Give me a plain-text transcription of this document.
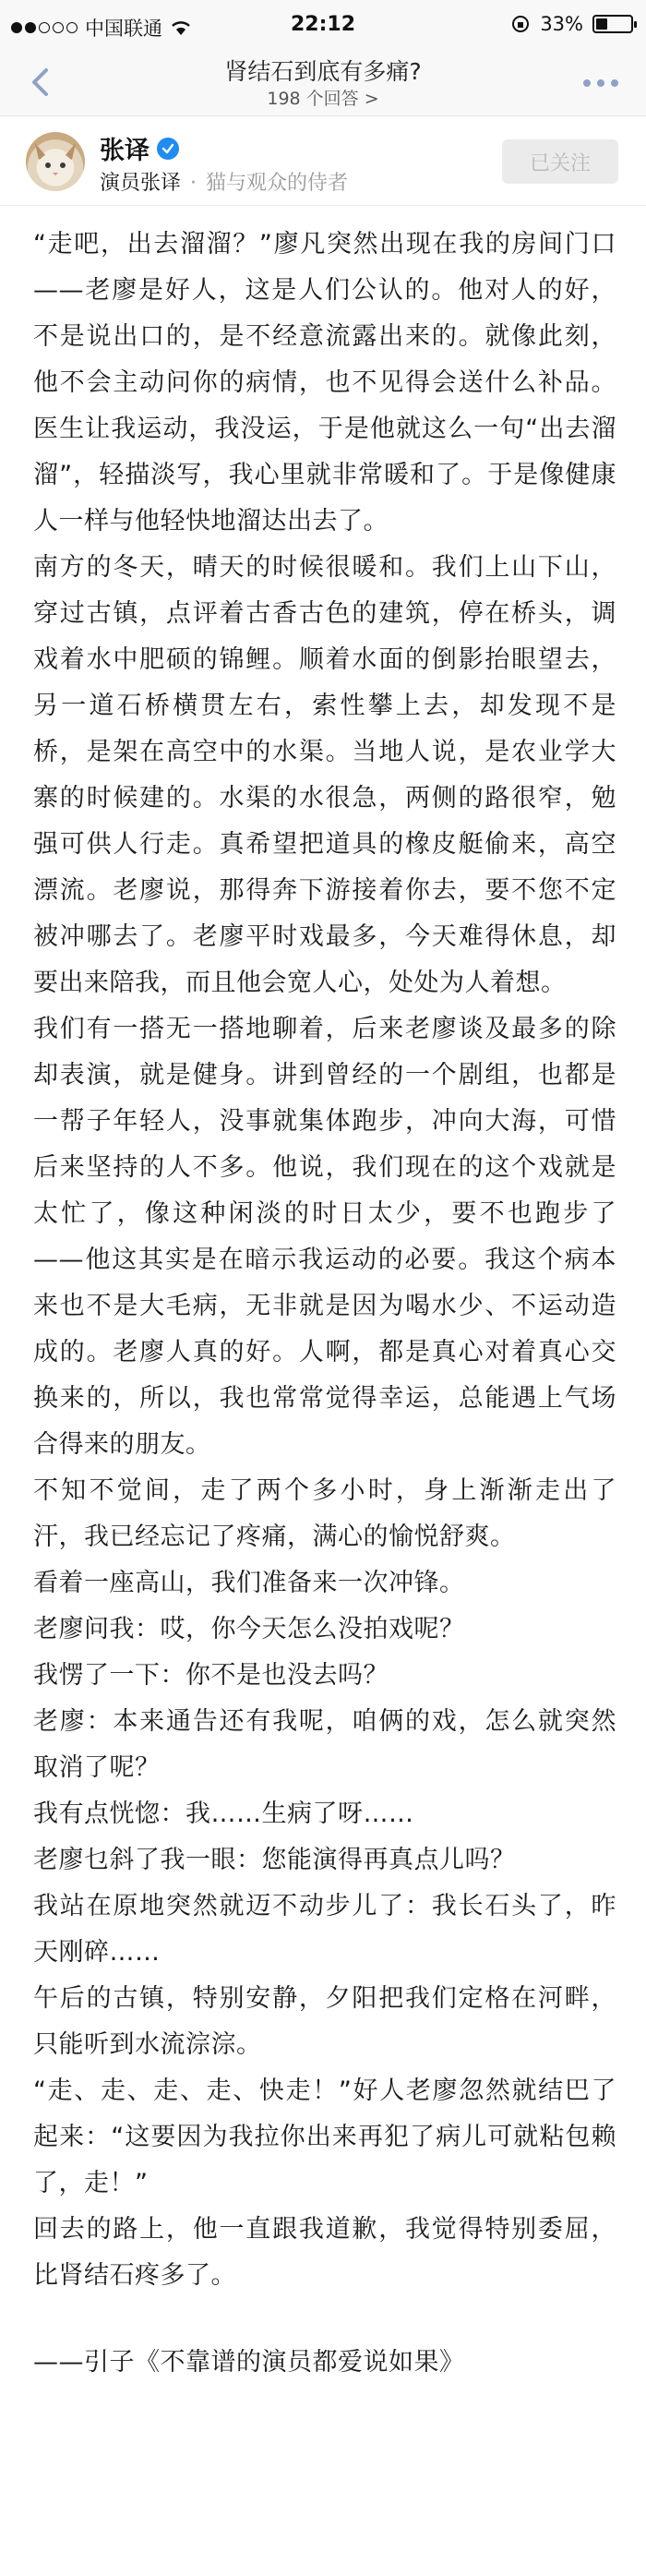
中国联通	22:12	33%
肾结石到底有多痛?
198 个回答 >
张译
演员张译 · 猫与观众的侍者
已关注

“走吧，出去溜溜？”廖凡突然出现在我的房间门口——老廖是好人，这是人们公认的。他对人的好，不是说出口的，是不经意流露出来的。就像此刻，他不会主动问你的病情，也不见得会送什么补品。医生让我运动，我没运，于是他就这么一句“出去溜溜”，轻描淡写，我心里就非常暖和了。于是像健康人一样与他轻快地溜达出去了。

南方的冬天，晴天的时候很暖和。我们上山下山，穿过古镇，点评着古香古色的建筑，停在桥头，调戏着水中肥硕的锦鲤。顺着水面的倒影抬眼望去，另一道石桥横贯左右，索性攀上去，却发现不是桥，是架在高空中的水渠。当地人说，是农业学大寨的时候建的。水渠的水很急，两侧的路很窄，勉强可供人行走。真希望把道具的橡皮艇偷来，高空漂流。老廖说，那得奔下游接着你去，要不您不定被冲哪去了。老廖平时戏最多，今天难得休息，却要出来陪我，而且他会宽人心，处处为人着想。

我们有一搭无一搭地聊着，后来老廖谈及最多的除却表演，就是健身。讲到曾经的一个剧组，也都是一帮子年轻人，没事就集体跑步，冲向大海，可惜后来坚持的人不多。他说，我们现在的这个戏就是太忙了，像这种闲淡的时日太少，要不也跑步了——他这其实是在暗示我运动的必要。我这个病本来也不是大毛病，无非就是因为喝水少、不运动造成的。老廖人真的好。人啊，都是真心对着真心交换来的，所以，我也常常觉得幸运，总能遇上气场合得来的朋友。

不知不觉间，走了两个多小时，身上渐渐走出了汗，我已经忘记了疼痛，满心的愉悦舒爽。

看着一座高山，我们准备来一次冲锋。

老廖问我：哎，你今天怎么没拍戏呢？

我愣了一下：你不是也没去吗？

老廖：本来通告还有我呢，咱俩的戏，怎么就突然取消了呢？

我有点恍惚：我……生病了呀……

老廖乜斜了我一眼：您能演得再真点儿吗？

我站在原地突然就迈不动步儿了：我长石头了，昨天刚碎……

午后的古镇，特别安静，夕阳把我们定格在河畔，只能听到水流淙淙。

“走、走、走、走、快走！”好人老廖忽然就结巴了起来：“这要因为我拉你出来再犯了病儿可就粘包赖了，走！”

回去的路上，他一直跟我道歉，我觉得特别委屈，比肾结石疼多了。

——引子《不靠谱的演员都爱说如果》
